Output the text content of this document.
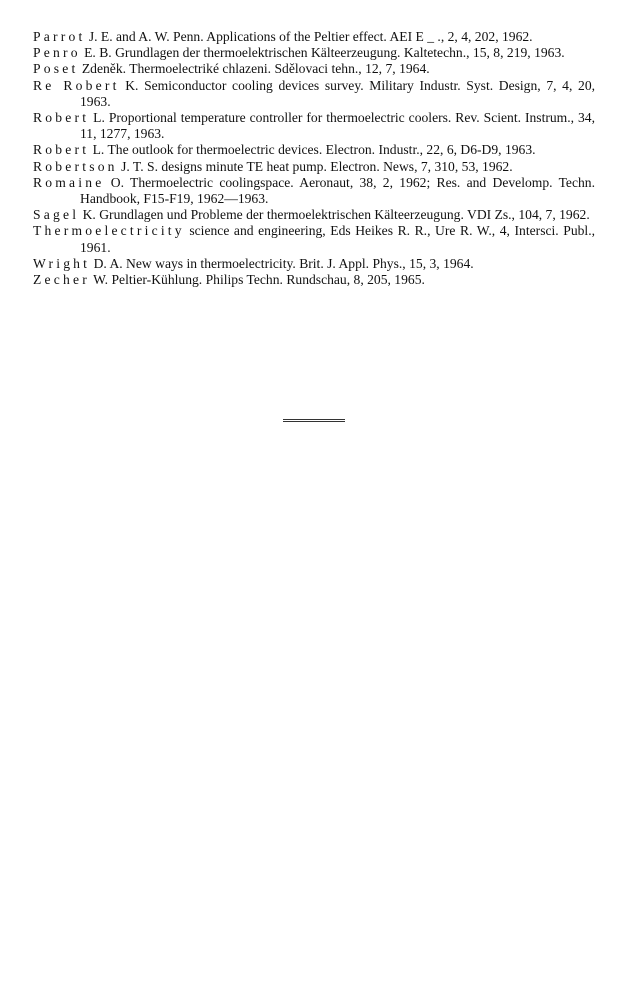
Parrot J. E. and A. W. Penn. Applications of the Peltier effect. AEI E _ ., 2, 4, 202, 1962.

Penro E. B. Grundlagen der thermoelektrischen Kälteerzeugung. Kaltetechn., 15, 8, 219, 1963.

Poset Zdeněk. Thermoelectriké chlazeni. Sdělovaci tehn., 12, 7, 1964.

Re Robert K. Semiconductor cooling devices survey. Military Industr. Syst. Design, 7, 4, 20, 1963.

Robert L. Proportional temperature controller for thermoelectric coolers. Rev. Scient. Instrum., 34, 11, 1277, 1963.

Robert L. The outlook for thermoelectric devices. Electron. Industr., 22, 6, D6-D9, 1963.

Robertson J. T. S. designs minute TE heat pump. Electron. News, 7, 310, 53, 1962.

Romaine O. Thermoelectric coolingspace. Aeronaut, 38, 2, 1962; Res. and Develomp. Techn. Handbook, F15-F19, 1962—1963.

Sagel K. Grundlagen und Probleme der thermoelektrischen Kälteerzeugung. VDI Zs., 104, 7, 1962.

Thermoelectricity science and engineering, Eds Heikes R. R., Ure R. W., 4, Intersci. Publ., 1961.

Wright D. A. New ways in thermoelectricity. Brit. J. Appl. Phys., 15, 3, 1964.

Zecher W. Peltier-Kühlung. Philips Techn. Rundschau, 8, 205, 1965.
